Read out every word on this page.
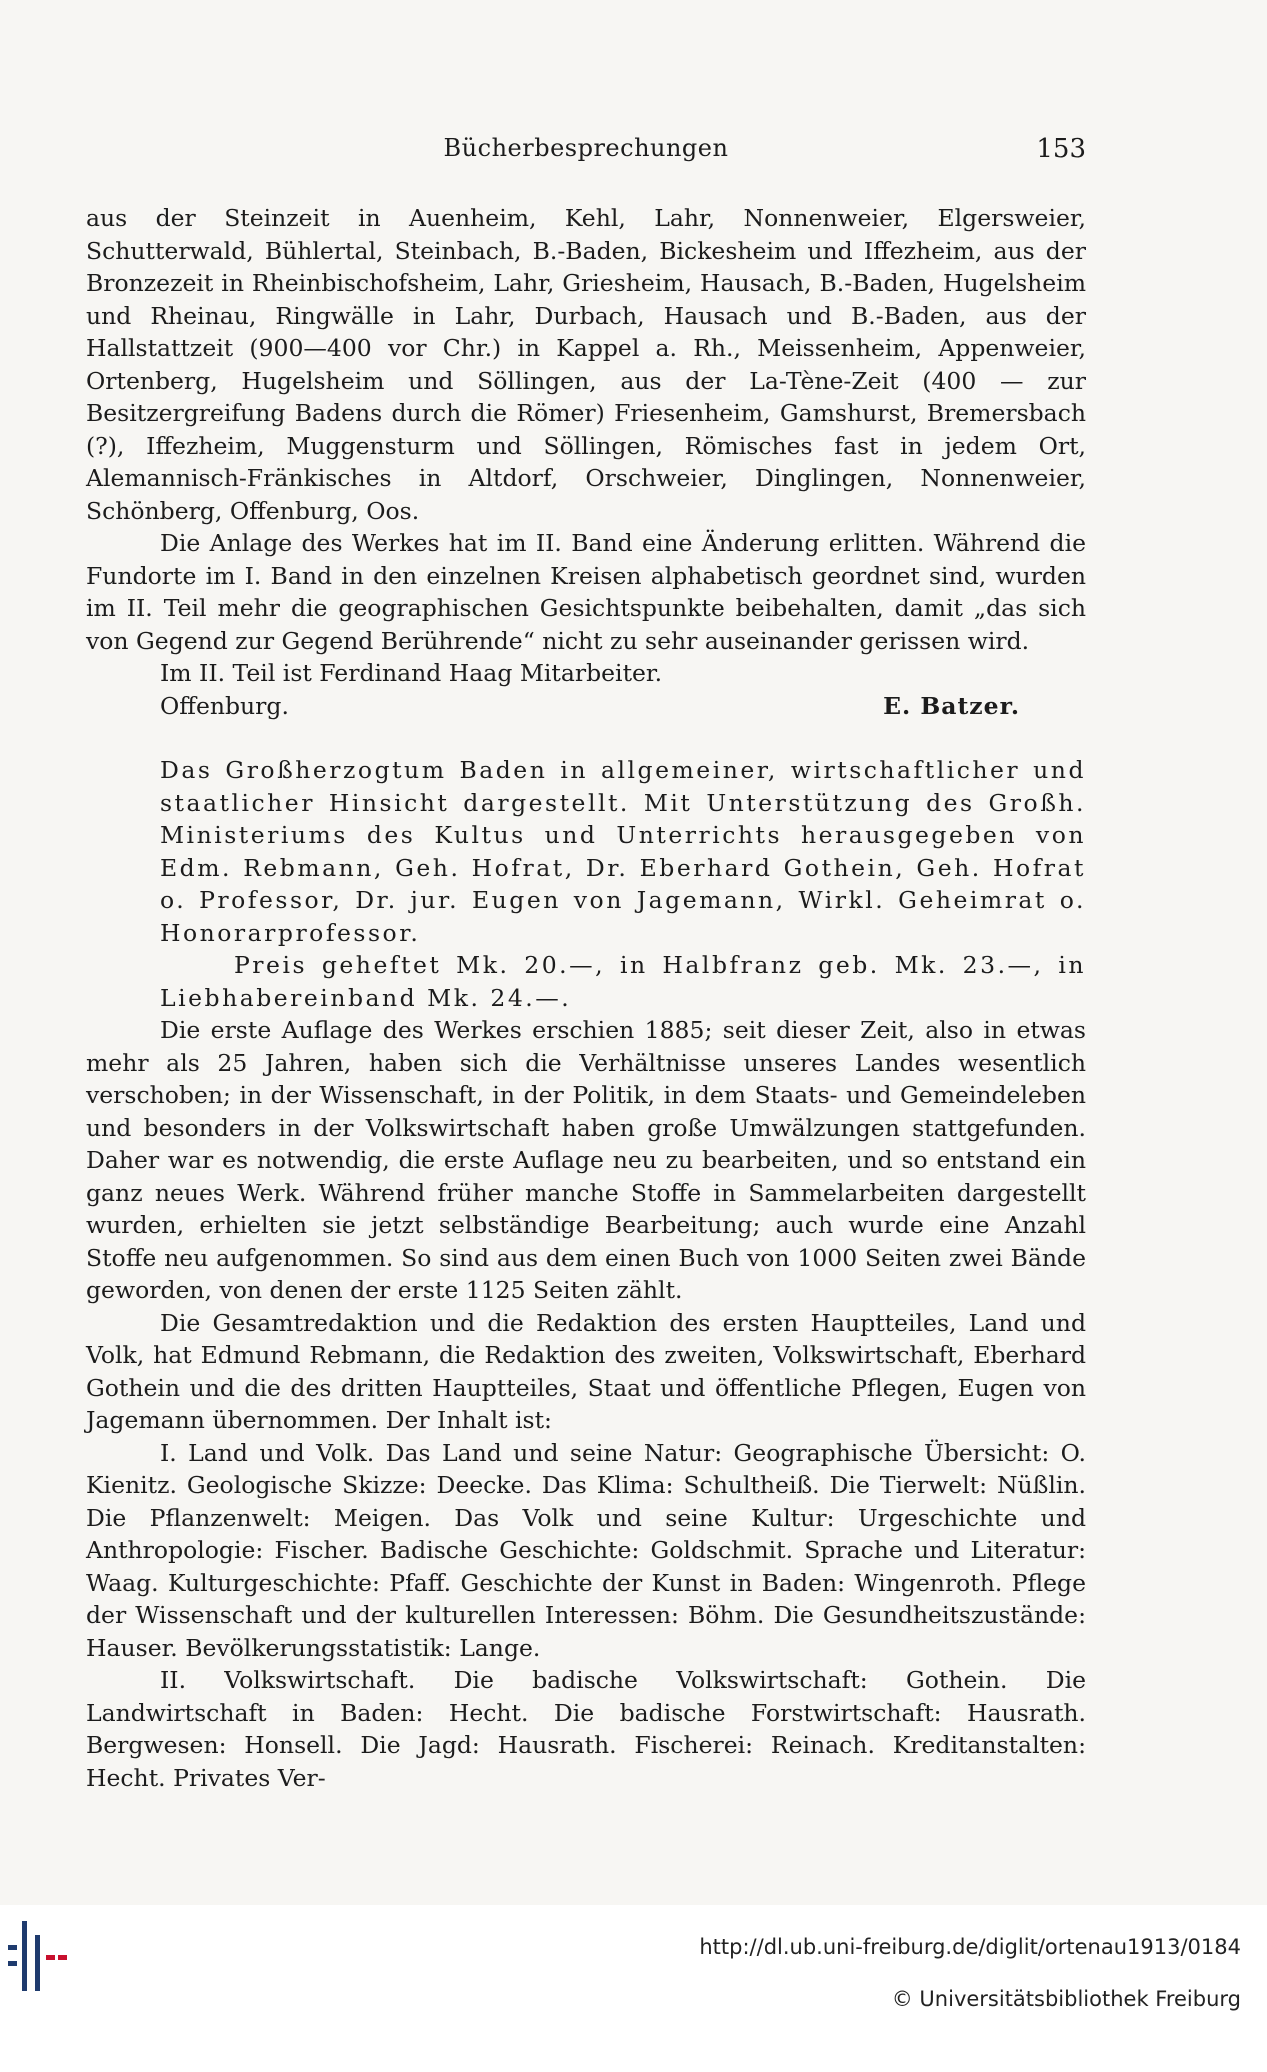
Bücherbesprechungen	153

aus der Steinzeit in Auenheim, Kehl, Lahr, Nonnenweier, Elgersweier, Schutterwald, Bühlertal, Steinbach, B.-Baden, Bickesheim und Iffezheim, aus der Bronzezeit in Rheinbischofsheim, Lahr, Griesheim, Hausach, B.-Baden, Hugelsheim und Rheinau, Ringwälle in Lahr, Durbach, Hausach und B.-Baden, aus der Hallstattzeit (900—400 vor Chr.) in Kappel a. Rh., Meissenheim, Appenweier, Ortenberg, Hugelsheim und Söllingen, aus der La-Tène-Zeit (400 — zur Besitzergreifung Badens durch die Römer) Friesenheim, Gamshurst, Bremersbach (?), Iffezheim, Muggensturm und Söllingen, Römisches fast in jedem Ort, Alemannisch-Fränkisches in Altdorf, Orschweier, Dinglingen, Nonnenweier, Schönberg, Offenburg, Oos.

Die Anlage des Werkes hat im II. Band eine Änderung erlitten. Während die Fundorte im I. Band in den einzelnen Kreisen alphabetisch geordnet sind, wurden im II. Teil mehr die geographischen Gesichtspunkte beibehalten, damit „das sich von Gegend zur Gegend Berührende“ nicht zu sehr auseinander gerissen wird.

Im II. Teil ist Ferdinand Haag Mitarbeiter.

Offenburg.	E. Batzer.

Das Großherzogtum Baden in allgemeiner, wirtschaftlicher und staatlicher Hinsicht dargestellt. Mit Unterstützung des Großh. Ministeriums des Kultus und Unterrichts herausgegeben von Edm. Rebmann, Geh. Hofrat, Dr. Eberhard Gothein, Geh. Hofrat o. Professor, Dr. jur. Eugen von Jagemann, Wirkl. Geheimrat o. Honorarprofessor.

Preis geheftet Mk. 20.—, in Halbfranz geb. Mk. 23.—, in Liebhabereinband Mk. 24.—.

Die erste Auflage des Werkes erschien 1885; seit dieser Zeit, also in etwas mehr als 25 Jahren, haben sich die Verhältnisse unseres Landes wesentlich verschoben; in der Wissenschaft, in der Politik, in dem Staats- und Gemeindeleben und besonders in der Volkswirtschaft haben große Umwälzungen stattgefunden. Daher war es notwendig, die erste Auflage neu zu bearbeiten, und so entstand ein ganz neues Werk. Während früher manche Stoffe in Sammelarbeiten dargestellt wurden, erhielten sie jetzt selbständige Bearbeitung; auch wurde eine Anzahl Stoffe neu aufgenommen. So sind aus dem einen Buch von 1000 Seiten zwei Bände geworden, von denen der erste 1125 Seiten zählt.

Die Gesamtredaktion und die Redaktion des ersten Hauptteiles, Land und Volk, hat Edmund Rebmann, die Redaktion des zweiten, Volkswirtschaft, Eberhard Gothein und die des dritten Hauptteiles, Staat und öffentliche Pflegen, Eugen von Jagemann übernommen. Der Inhalt ist:

I. Land und Volk. Das Land und seine Natur: Geographische Übersicht: O. Kienitz. Geologische Skizze: Deecke. Das Klima: Schultheiß. Die Tierwelt: Nüßlin. Die Pflanzenwelt: Meigen. Das Volk und seine Kultur: Urgeschichte und Anthropologie: Fischer. Badische Geschichte: Goldschmit. Sprache und Literatur: Waag. Kulturgeschichte: Pfaff. Geschichte der Kunst in Baden: Wingenroth. Pflege der Wissenschaft und der kulturellen Interessen: Böhm. Die Gesundheitszustände: Hauser. Bevölkerungsstatistik: Lange.

II. Volkswirtschaft. Die badische Volkswirtschaft: Gothein. Die Landwirtschaft in Baden: Hecht. Die badische Forstwirtschaft: Hausrath. Bergwesen: Honsell. Die Jagd: Hausrath. Fischerei: Reinach. Kreditanstalten: Hecht. Privates Ver-

http://dl.ub.uni-freiburg.de/diglit/ortenau1913/0184
© Universitätsbibliothek Freiburg
